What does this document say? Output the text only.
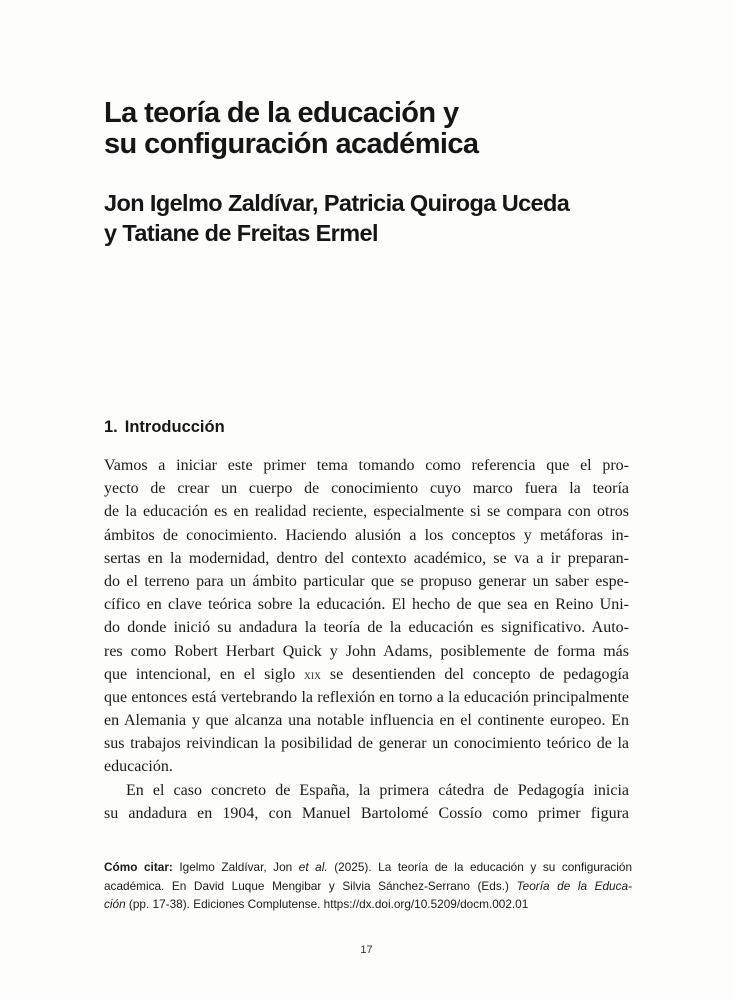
La teoría de la educación y
su configuración académica
Jon Igelmo Zaldívar, Patricia Quiroga Uceda
y Tatiane de Freitas Ermel
1. Introducción
Vamos a iniciar este primer tema tomando como referencia que el pro-
yecto de crear un cuerpo de conocimiento cuyo marco fuera la teoría
de la educación es en realidad reciente, especialmente si se compara con otros
ámbitos de conocimiento. Haciendo alusión a los conceptos y metáforas in-
sertas en la modernidad, dentro del contexto académico, se va a ir preparan-
do el terreno para un ámbito particular que se propuso generar un saber espe-
cífico en clave teórica sobre la educación. El hecho de que sea en Reino Uni-
do donde inició su andadura la teoría de la educación es significativo. Auto-
res como Robert Herbart Quick y John Adams, posiblemente de forma más
que intencional, en el siglo xix se desentienden del concepto de pedagogía
que entonces está vertebrando la reflexión en torno a la educación principalmente
en Alemania y que alcanza una notable influencia en el continente europeo. En
sus trabajos reivindican la posibilidad de generar un conocimiento teórico de la
educación.
En el caso concreto de España, la primera cátedra de Pedagogía inicia
su andadura en 1904, con Manuel Bartolomé Cossío como primer figura
Cómo citar: Igelmo Zaldívar, Jon et al. (2025). La teoría de la educación y su configuración
académica. En David Luque Mengibar y Silvia Sánchez-Serrano (Eds.) Teoría de la Educa-
ción (pp. 17-38). Ediciones Complutense. https://dx.doi.org/10.5209/docm.002.01
17
